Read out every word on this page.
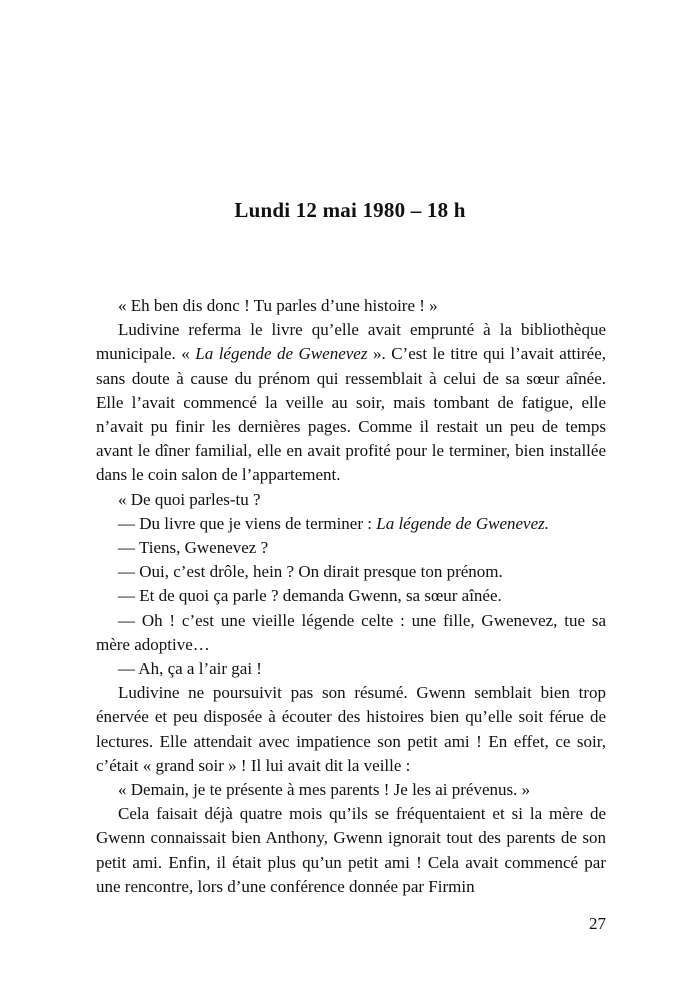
Lundi 12 mai 1980 – 18 h

« Eh ben dis donc ! Tu parles d’une histoire ! »

Ludivine referma le livre qu’elle avait emprunté à la bibliothèque municipale. « La légende de Gwenevez ». C’est le titre qui l’avait attirée, sans doute à cause du prénom qui ressemblait à celui de sa sœur aînée. Elle l’avait commencé la veille au soir, mais tombant de fatigue, elle n’avait pu finir les dernières pages. Comme il restait un peu de temps avant le dîner familial, elle en avait profité pour le terminer, bien installée dans le coin salon de l’appartement.

« De quoi parles-tu ?

— Du livre que je viens de terminer : La légende de Gwenevez.

— Tiens, Gwenevez ?

— Oui, c’est drôle, hein ? On dirait presque ton prénom.

— Et de quoi ça parle ? demanda Gwenn, sa sœur aînée.

— Oh ! c’est une vieille légende celte : une fille, Gwenevez, tue sa mère adoptive…

— Ah, ça a l’air gai !

Ludivine ne poursuivit pas son résumé. Gwenn semblait bien trop énervée et peu disposée à écouter des histoires bien qu’elle soit férue de lectures. Elle attendait avec impatience son petit ami ! En effet, ce soir, c’était « grand soir » ! Il lui avait dit la veille :

« Demain, je te présente à mes parents ! Je les ai prévenus. »

Cela faisait déjà quatre mois qu’ils se fréquentaient et si la mère de Gwenn connaissait bien Anthony, Gwenn ignorait tout des parents de son petit ami. Enfin, il était plus qu’un petit ami ! Cela avait commencé par une rencontre, lors d’une conférence donnée par Firmin

27
